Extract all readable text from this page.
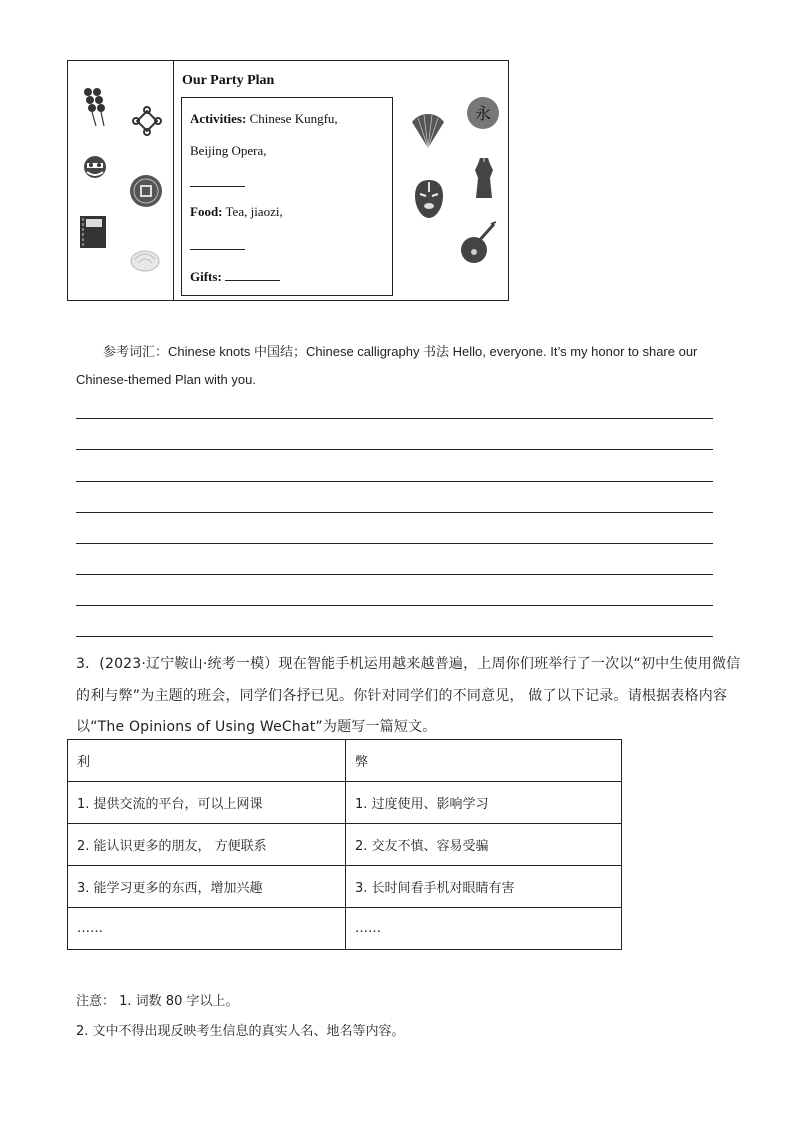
Our Party Plan
Activities: Chinese Kungfu,
Beijing Opera,
Food: Tea, jiaozi,
Gifts:
永
参考词汇：Chinese knots 中国结；Chinese calligraphy 书法 Hello, everyone. It’s my honor to share our
Chinese-themed Plan with you.
3．(2023·辽宁鞍山·统考一模）现在智能手机运用越来越普遍，上周你们班举行了一次以“初中生使用微信
的利与弊”为主题的班会，同学们各抒已见。你针对同学们的不同意见， 做了以下记录。请根据表格内容
以“The Opinions of Using WeChat”为题写一篇短文。
利	弊
1. 提供交流的平台，可以上网课	1. 过度使用、影响学习
2. 能认识更多的朋友， 方便联系	2. 交友不慎、容易受骗
3. 能学习更多的东西，增加兴趣	3. 长时间看手机对眼睛有害
……	……
注意： 1. 词数 80 字以上。
2. 文中不得出现反映考生信息的真实人名、地名等内容。
